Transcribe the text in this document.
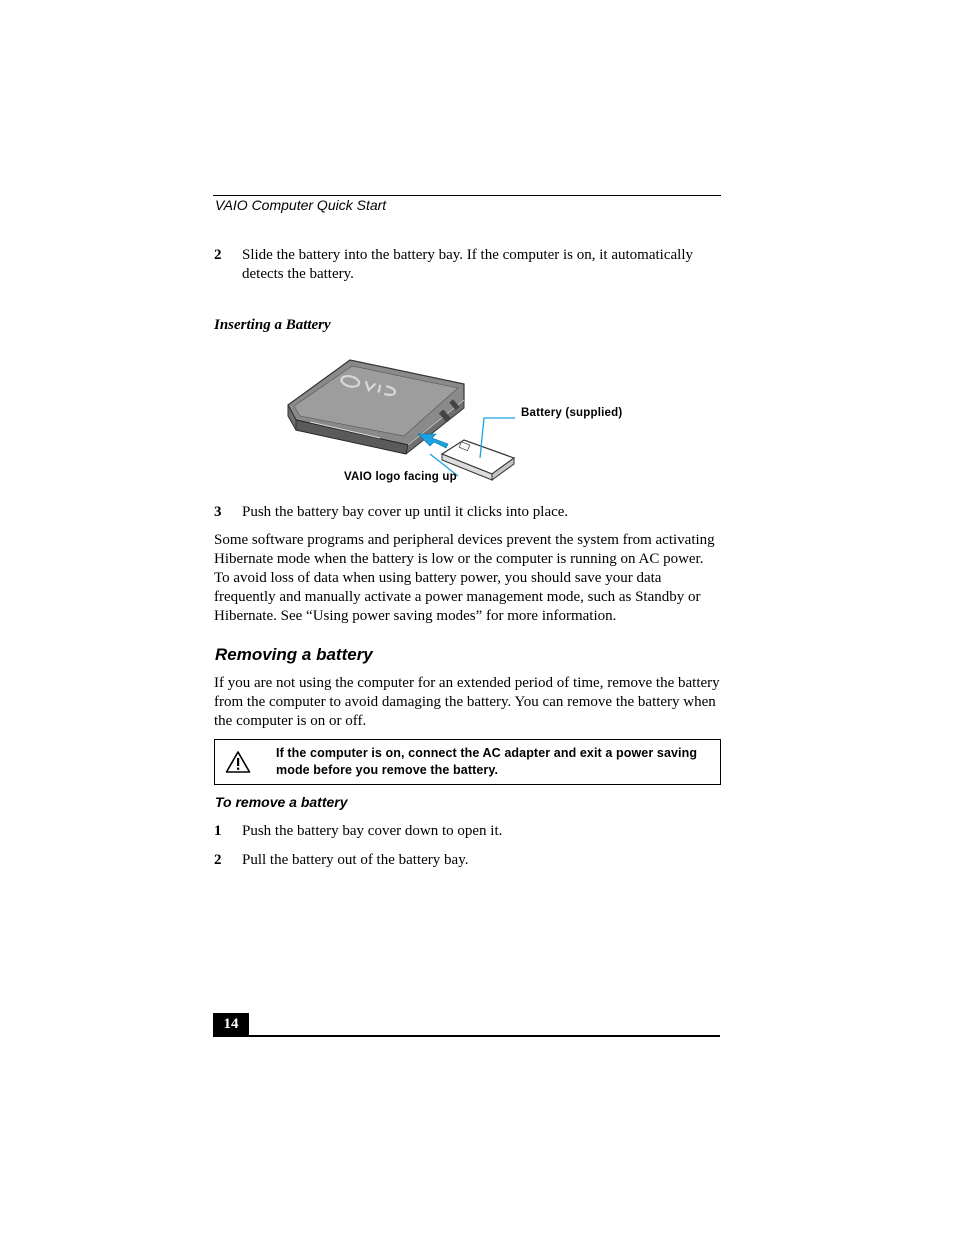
VAIO Computer Quick Start
2 Slide the battery into the battery bay. If the computer is on, it automatically detects the battery.
Inserting a Battery
Battery (supplied)
VAIO logo facing up
3 Push the battery bay cover up until it clicks into place.
Some software programs and peripheral devices prevent the system from activating Hibernate mode when the battery is low or the computer is running on AC power. To avoid loss of data when using battery power, you should save your data frequently and manually activate a power management mode, such as Standby or Hibernate. See “Using power saving modes” for more information.
Removing a battery
If you are not using the computer for an extended period of time, remove the battery from the computer to avoid damaging the battery. You can remove the battery when the computer is on or off.
If the computer is on, connect the AC adapter and exit a power saving mode before you remove the battery.
To remove a battery
1 Push the battery bay cover down to open it.
2 Pull the battery out of the battery bay.
14
